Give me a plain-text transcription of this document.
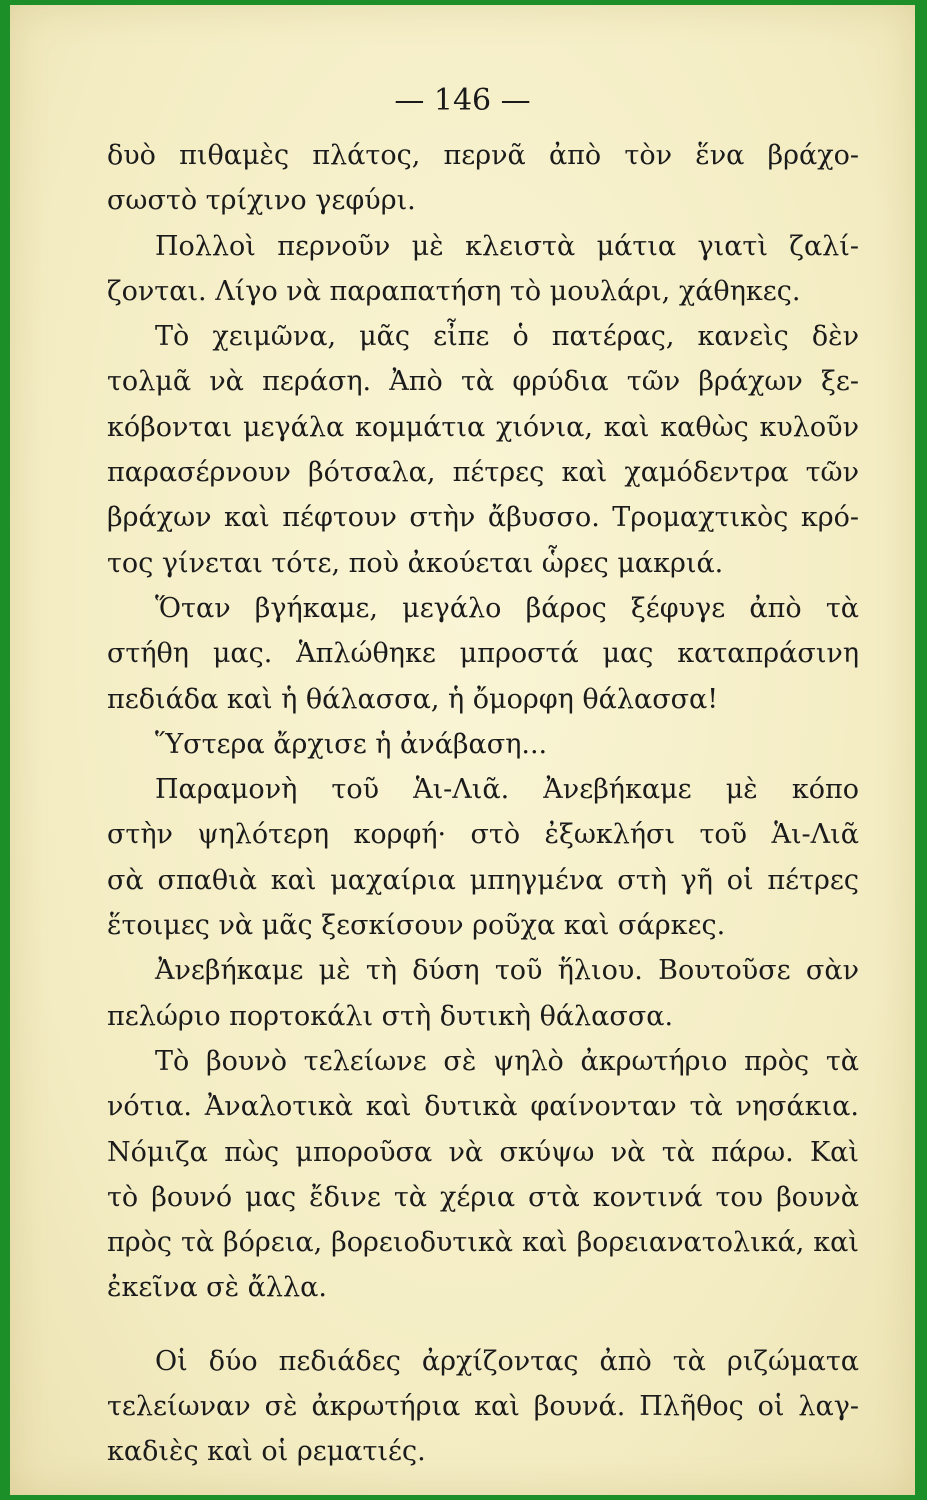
— 146 —
δυὸ πιθαμὲς πλάτος, περνᾶ ἀπὸ τὸν ἕνα βράχο-
σωστὸ τρίχινο γεφύρι.
Πολλοὶ περνοῦν μὲ κλειστὰ μάτια γιατὶ ζαλί-
ζονται. Λίγο νὰ παραπατήση τὸ μουλάρι, χάθηκες.
Τὸ χειμῶνα, μᾶς εἶπε ὁ πατέρας, κανεὶς δὲν
τολμᾶ νὰ περάση. Ἀπὸ τὰ φρύδια τῶν βράχων ξε-
κόβονται μεγάλα κομμάτια χιόνια, καὶ καθὼς κυλοῦν
παρασέρνουν βότσαλα, πέτρες καὶ χαμόδεντρα τῶν
βράχων καὶ πέφτουν στὴν ἄβυσσο. Τρομαχτικὸς κρό-
τος γίνεται τότε, ποὺ ἀκούεται ὧρες μακριά.
Ὅταν βγήκαμε, μεγάλο βάρος ξέφυγε ἀπὸ τὰ
στήθη μας. Ἁπλώθηκε μπροστά μας καταπράσινη
πεδιάδα καὶ ἡ θάλασσα, ἡ ὄμορφη θάλασσα!
Ὕστερα ἄρχισε ἡ ἀνάβαση...
Παραμονὴ τοῦ Ἁι-Λιᾶ. Ἀνεβήκαμε μὲ κόπο
στὴν ψηλότερη κορφή· στὸ ἐξωκλήσι τοῦ Ἁι-Λιᾶ
σὰ σπαθιὰ καὶ μαχαίρια μπηγμένα στὴ γῆ οἱ πέτρες
ἕτοιμες νὰ μᾶς ξεσκίσουν ροῦχα καὶ σάρκες.
Ἀνεβήκαμε μὲ τὴ δύση τοῦ ἥλιου. Βουτοῦσε σὰν
πελώριο πορτοκάλι στὴ δυτικὴ θάλασσα.
Τὸ βουνὸ τελείωνε σὲ ψηλὸ ἀκρωτήριο πρὸς τὰ
νότια. Ἀναλοτικὰ καὶ δυτικὰ φαίνονταν τὰ νησάκια.
Νόμιζα πὼς μποροῦσα νὰ σκύψω νὰ τὰ πάρω. Καὶ
τὸ βουνό μας ἔδινε τὰ χέρια στὰ κοντινά του βουνὰ
πρὸς τὰ βόρεια, βορειοδυτικὰ καὶ βορειανατολικά, καὶ
ἐκεῖνα σὲ ἄλλα.
Οἱ δύο πεδιάδες ἀρχίζοντας ἀπὸ τὰ ριζώματα
τελείωναν σὲ ἀκρωτήρια καὶ βουνά. Πλῆθος οἱ λαγ-
καδιὲς καὶ οἱ ρεματιές.
